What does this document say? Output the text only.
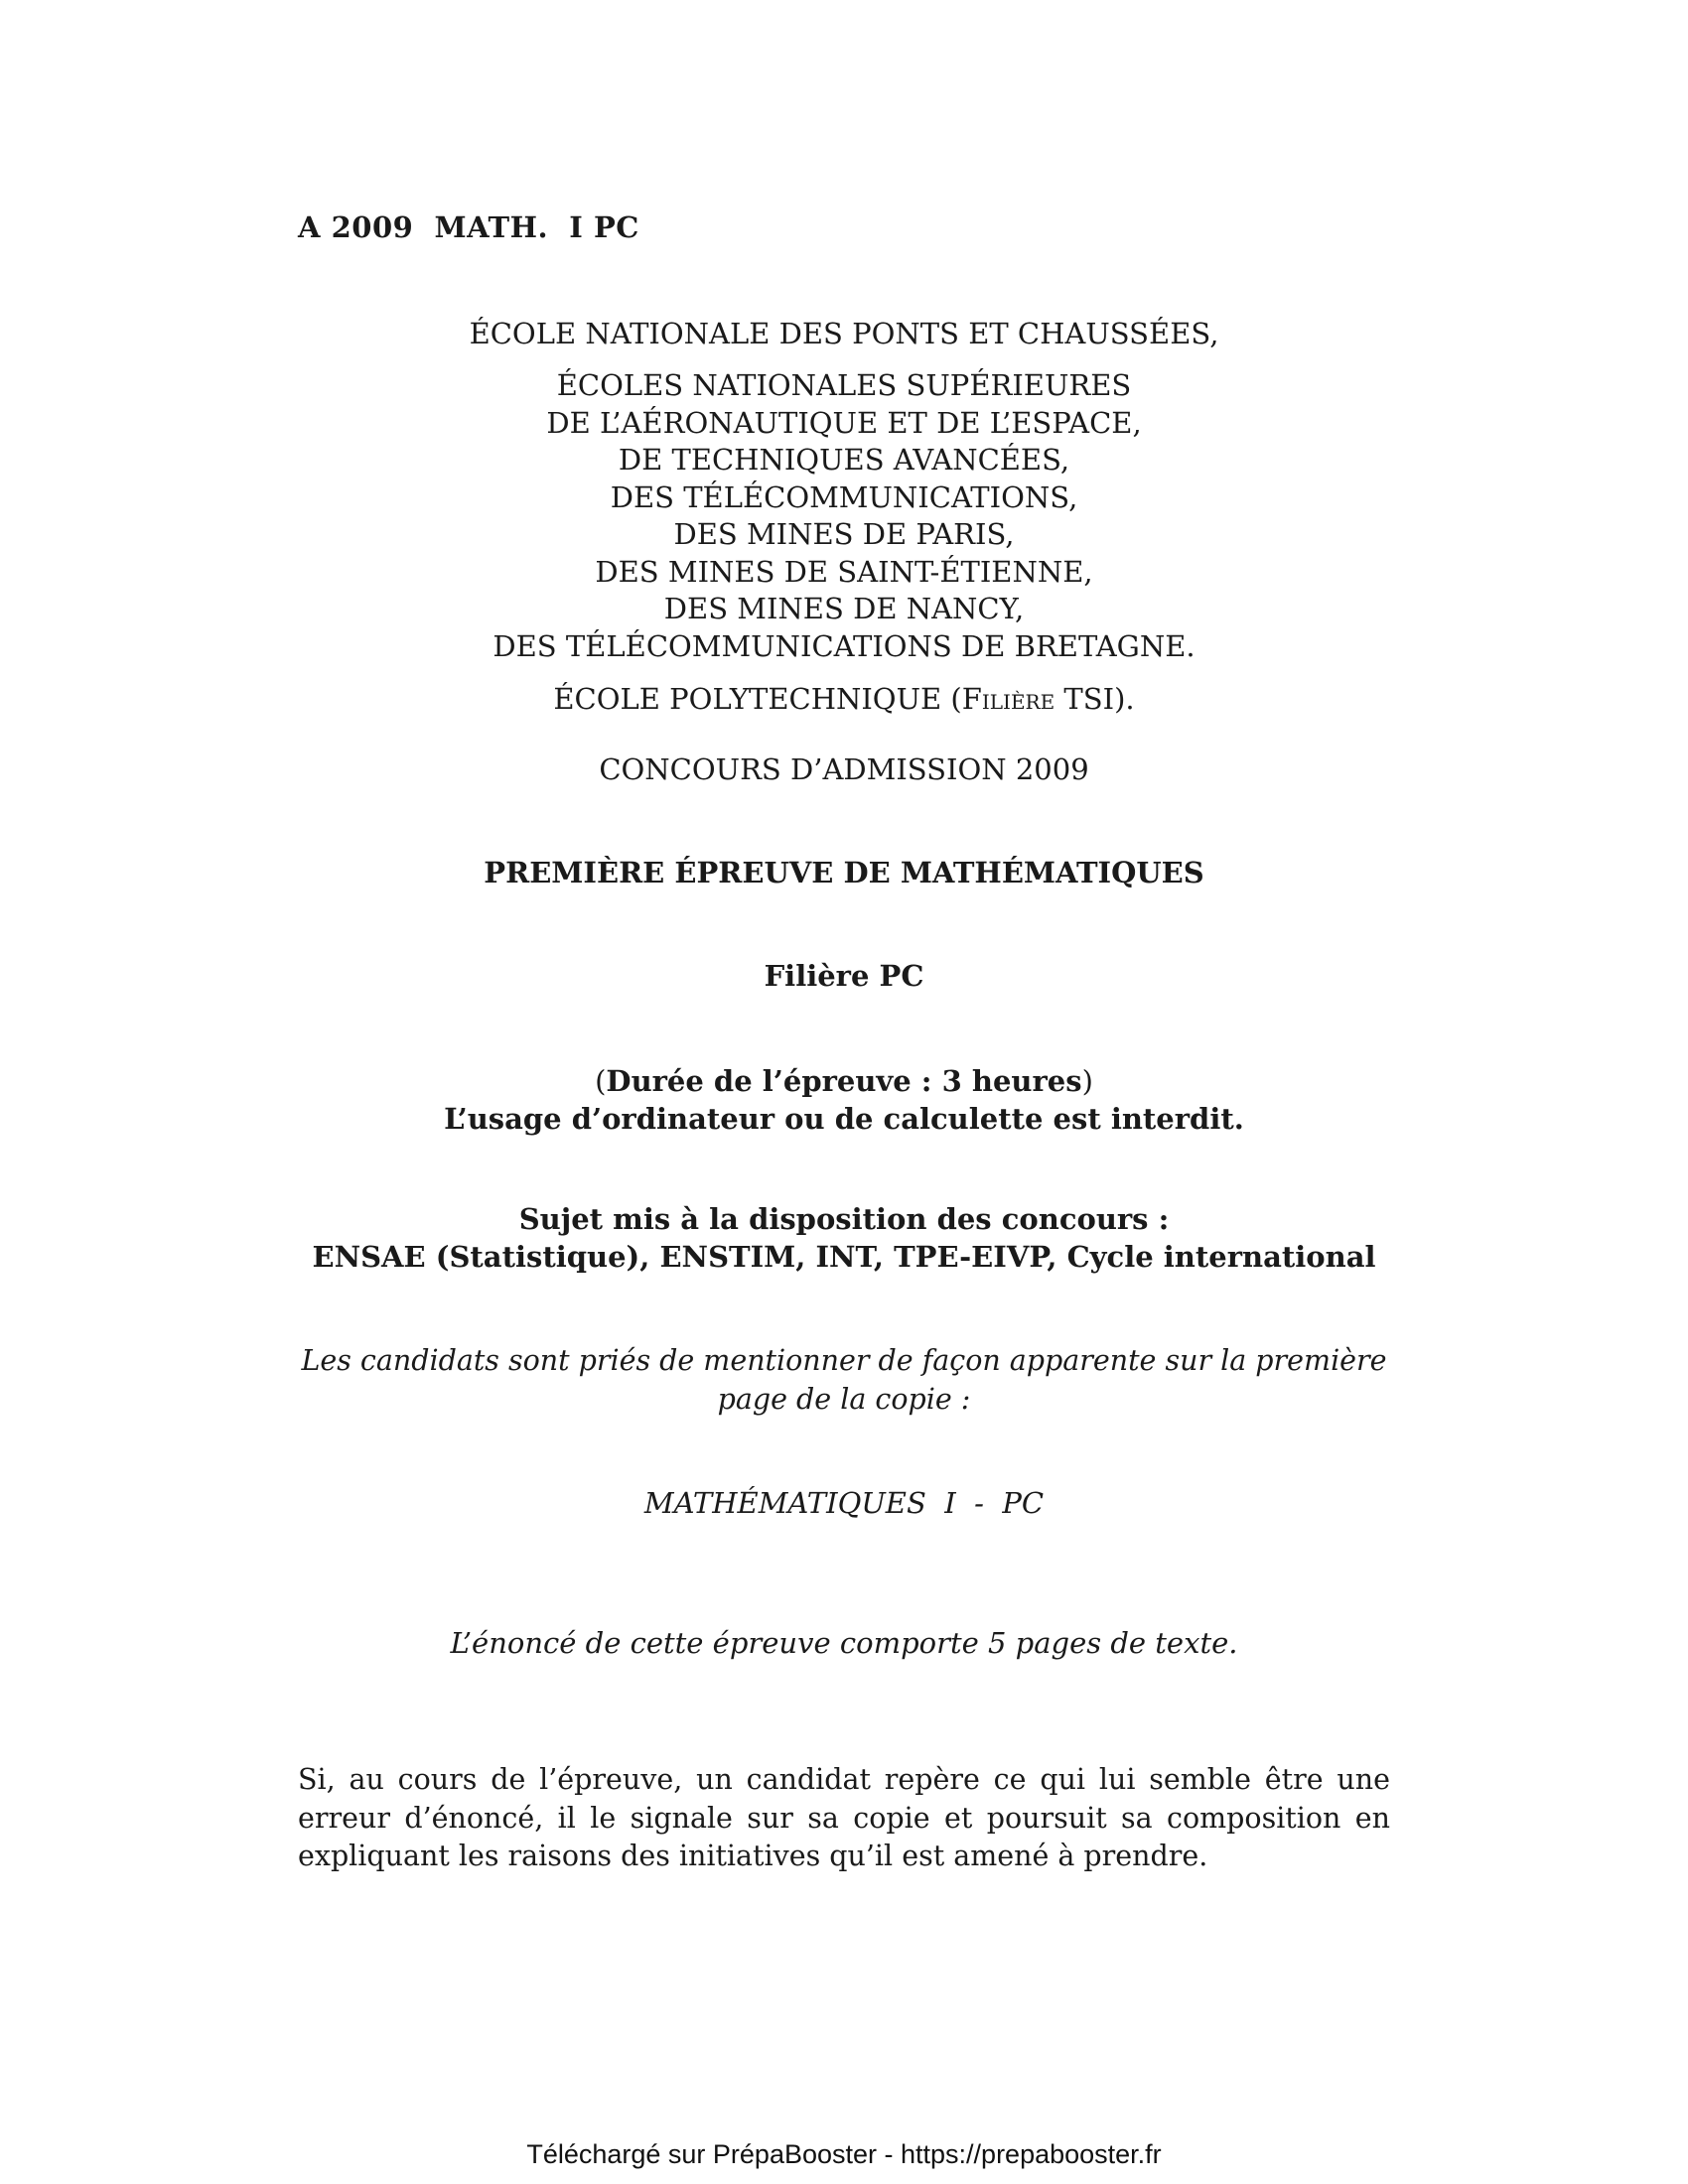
A 2009  MATH.  I PC
ÉCOLE NATIONALE DES PONTS ET CHAUSSÉES,
ÉCOLES NATIONALES SUPÉRIEURES
DE L’AÉRONAUTIQUE ET DE L’ESPACE,
DE TECHNIQUES AVANCÉES,
DES TÉLÉCOMMUNICATIONS,
DES MINES DE PARIS,
DES MINES DE SAINT-ÉTIENNE,
DES MINES DE NANCY,
DES TÉLÉCOMMUNICATIONS DE BRETAGNE.
ÉCOLE POLYTECHNIQUE (Filière TSI).
CONCOURS D’ADMISSION 2009
PREMIÈRE ÉPREUVE DE MATHÉMATIQUES
Filière PC
(Durée de l’épreuve : 3 heures)
L’usage d’ordinateur ou de calculette est interdit.
Sujet mis à la disposition des concours :
ENSAE (Statistique), ENSTIM, INT, TPE-EIVP, Cycle international
Les candidats sont priés de mentionner de façon apparente sur la première page de la copie :
MATHÉMATIQUES  I  -  PC
L’énoncé de cette épreuve comporte 5 pages de texte.
Si, au cours de l’épreuve, un candidat repère ce qui lui semble être une erreur d’énoncé, il le signale sur sa copie et poursuit sa composition en expliquant les raisons des initiatives qu’il est amené à prendre.
Téléchargé sur PrépaBooster - https://prepabooster.fr
